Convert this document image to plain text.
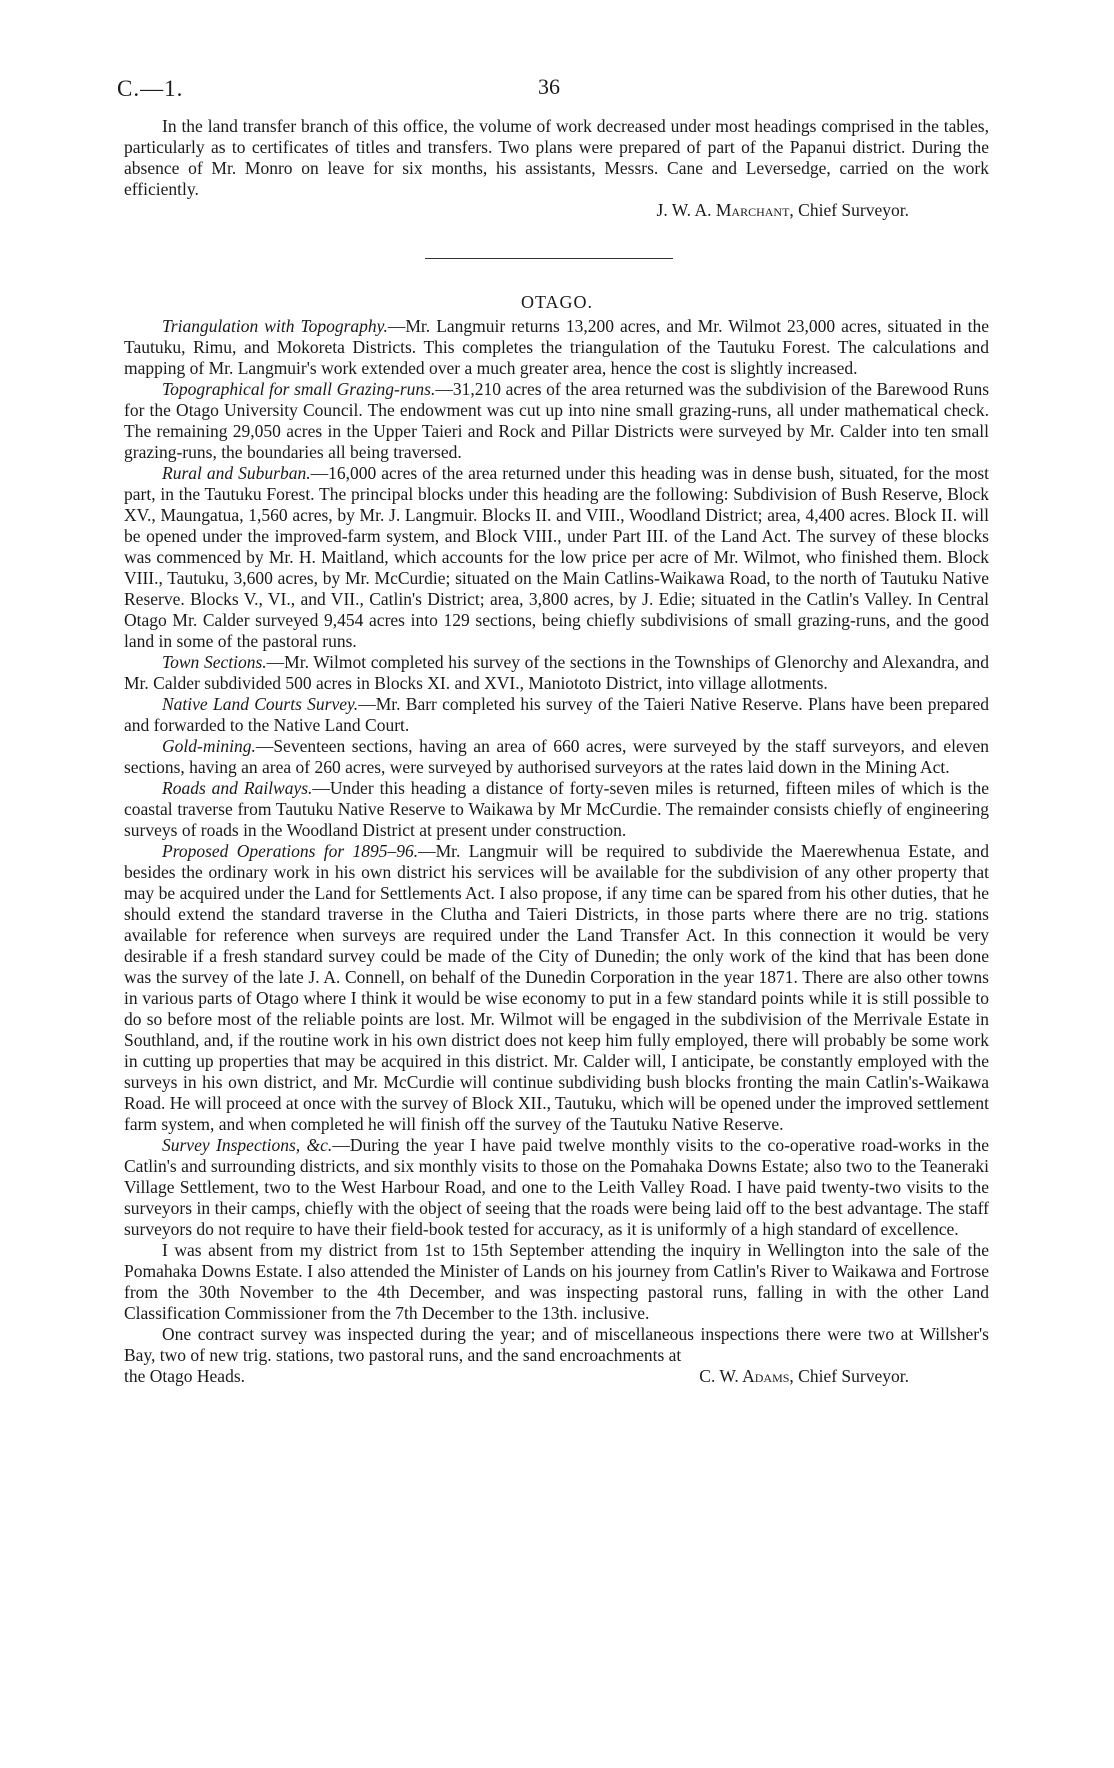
C.—1.	36

In the land transfer branch of this office, the volume of work decreased under most headings comprised in the tables, particularly as to certificates of titles and transfers. Two plans were prepared of part of the Papanui district. During the absence of Mr. Monro on leave for six months, his assistants, Messrs. Cane and Leversedge, carried on the work efficiently.

J. W. A. Marchant, Chief Surveyor.
OTAGO.

Triangulation with Topography.—Mr. Langmuir returns 13,200 acres, and Mr. Wilmot 23,000 acres, situated in the Tautuku, Rimu, and Mokoreta Districts. This completes the triangulation of the Tautuku Forest. The calculations and mapping of Mr. Langmuir's work extended over a much greater area, hence the cost is slightly increased.

Topographical for small Grazing-runs.—31,210 acres of the area returned was the subdivision of the Barewood Runs for the Otago University Council. The endowment was cut up into nine small grazing-runs, all under mathematical check. The remaining 29,050 acres in the Upper Taieri and Rock and Pillar Districts were surveyed by Mr. Calder into ten small grazing-runs, the boundaries all being traversed.

Rural and Suburban.—16,000 acres of the area returned under this heading was in dense bush, situated, for the most part, in the Tautuku Forest. The principal blocks under this heading are the following: Subdivision of Bush Reserve, Block XV., Maungatua, 1,560 acres, by Mr. J. Langmuir. Blocks II. and VIII., Woodland District; area, 4,400 acres. Block II. will be opened under the improved-farm system, and Block VIII., under Part III. of the Land Act. The survey of these blocks was commenced by Mr. H. Maitland, which accounts for the low price per acre of Mr. Wilmot, who finished them. Block VIII., Tautuku, 3,600 acres, by Mr. McCurdie; situated on the Main Catlins-Waikawa Road, to the north of Tautuku Native Reserve. Blocks V., VI., and VII., Catlin's District; area, 3,800 acres, by J. Edie; situated in the Catlin's Valley. In Central Otago Mr. Calder surveyed 9,454 acres into 129 sections, being chiefly subdivisions of small grazing-runs, and the good land in some of the pastoral runs.

Town Sections.—Mr. Wilmot completed his survey of the sections in the Townships of Glenorchy and Alexandra, and Mr. Calder subdivided 500 acres in Blocks XI. and XVI., Maniototo District, into village allotments.

Native Land Courts Survey.—Mr. Barr completed his survey of the Taieri Native Reserve. Plans have been prepared and forwarded to the Native Land Court.

Gold-mining.—Seventeen sections, having an area of 660 acres, were surveyed by the staff surveyors, and eleven sections, having an area of 260 acres, were surveyed by authorised surveyors at the rates laid down in the Mining Act.

Roads and Railways.—Under this heading a distance of forty-seven miles is returned, fifteen miles of which is the coastal traverse from Tautuku Native Reserve to Waikawa by Mr McCurdie. The remainder consists chiefly of engineering surveys of roads in the Woodland District at present under construction.

Proposed Operations for 1895–96.—Mr. Langmuir will be required to subdivide the Maerewhenua Estate, and besides the ordinary work in his own district his services will be available for the subdivision of any other property that may be acquired under the Land for Settlements Act. I also propose, if any time can be spared from his other duties, that he should extend the standard traverse in the Clutha and Taieri Districts, in those parts where there are no trig. stations available for reference when surveys are required under the Land Transfer Act. In this connection it would be very desirable if a fresh standard survey could be made of the City of Dunedin; the only work of the kind that has been done was the survey of the late J. A. Connell, on behalf of the Dunedin Corporation in the year 1871. There are also other towns in various parts of Otago where I think it would be wise economy to put in a few standard points while it is still possible to do so before most of the reliable points are lost. Mr. Wilmot will be engaged in the subdivision of the Merrivale Estate in Southland, and, if the routine work in his own district does not keep him fully employed, there will probably be some work in cutting up properties that may be acquired in this district. Mr. Calder will, I anticipate, be constantly employed with the surveys in his own district, and Mr. McCurdie will continue subdividing bush blocks fronting the main Catlin's-Waikawa Road. He will proceed at once with the survey of Block XII., Tautuku, which will be opened under the improved settlement farm system, and when completed he will finish off the survey of the Tautuku Native Reserve.

Survey Inspections, &c.—During the year I have paid twelve monthly visits to the co-operative road-works in the Catlin's and surrounding districts, and six monthly visits to those on the Pomahaka Downs Estate; also two to the Teaneraki Village Settlement, two to the West Harbour Road, and one to the Leith Valley Road. I have paid twenty-two visits to the surveyors in their camps, chiefly with the object of seeing that the roads were being laid off to the best advantage. The staff surveyors do not require to have their field-book tested for accuracy, as it is uniformly of a high standard of excellence.

I was absent from my district from 1st to 15th September attending the inquiry in Wellington into the sale of the Pomahaka Downs Estate. I also attended the Minister of Lands on his journey from Catlin's River to Waikawa and Fortrose from the 30th November to the 4th December, and was inspecting pastoral runs, falling in with the other Land Classification Commissioner from the 7th December to the 13th. inclusive.

One contract survey was inspected during the year; and of miscellaneous inspections there were two at Willsher's Bay, two of new trig. stations, two pastoral runs, and the sand encroachments at

the Otago Heads.	C. W. Adams, Chief Surveyor.
